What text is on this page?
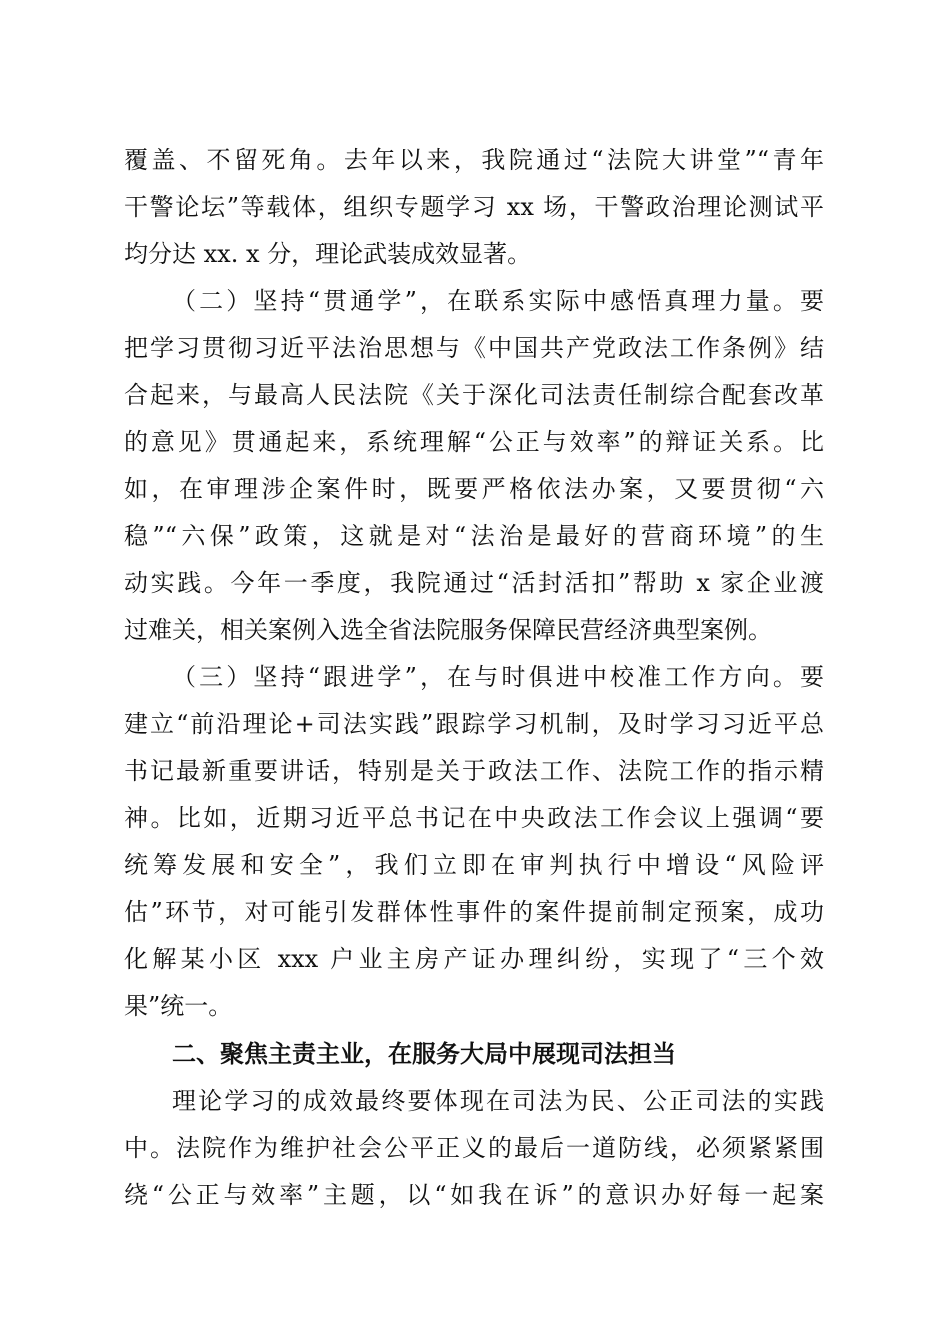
覆盖、不留死角。去年以来，我院通过“法院大讲堂”“青年
干警论坛”等载体，组织专题学习 xx 场，干警政治理论测试平
均分达 xx. x 分，理论武装成效显著。
（二）坚持“贯通学”，在联系实际中感悟真理力量。要
把学习贯彻习近平法治思想与《中国共产党政法工作条例》结
合起来，与最高人民法院《关于深化司法责任制综合配套改革
的意见》贯通起来，系统理解“公正与效率”的辩证关系。比
如，在审理涉企案件时，既要严格依法办案，又要贯彻“六
稳”“六保”政策，这就是对“法治是最好的营商环境”的生
动实践。今年一季度，我院通过“活封活扣”帮助 x 家企业渡
过难关，相关案例入选全省法院服务保障民营经济典型案例。
（三）坚持“跟进学”，在与时俱进中校准工作方向。要
建立“前沿理论+司法实践”跟踪学习机制，及时学习习近平总
书记最新重要讲话，特别是关于政法工作、法院工作的指示精
神。比如，近期习近平总书记在中央政法工作会议上强调“要
统筹发展和安全”，我们立即在审判执行中增设“风险评
估”环节，对可能引发群体性事件的案件提前制定预案，成功
化解某小区 xxx 户业主房产证办理纠纷，实现了“三个效
果”统一。
二、聚焦主责主业，在服务大局中展现司法担当
理论学习的成效最终要体现在司法为民、公正司法的实践
中。法院作为维护社会公平正义的最后一道防线，必须紧紧围
绕“公正与效率”主题，以“如我在诉”的意识办好每一起案
